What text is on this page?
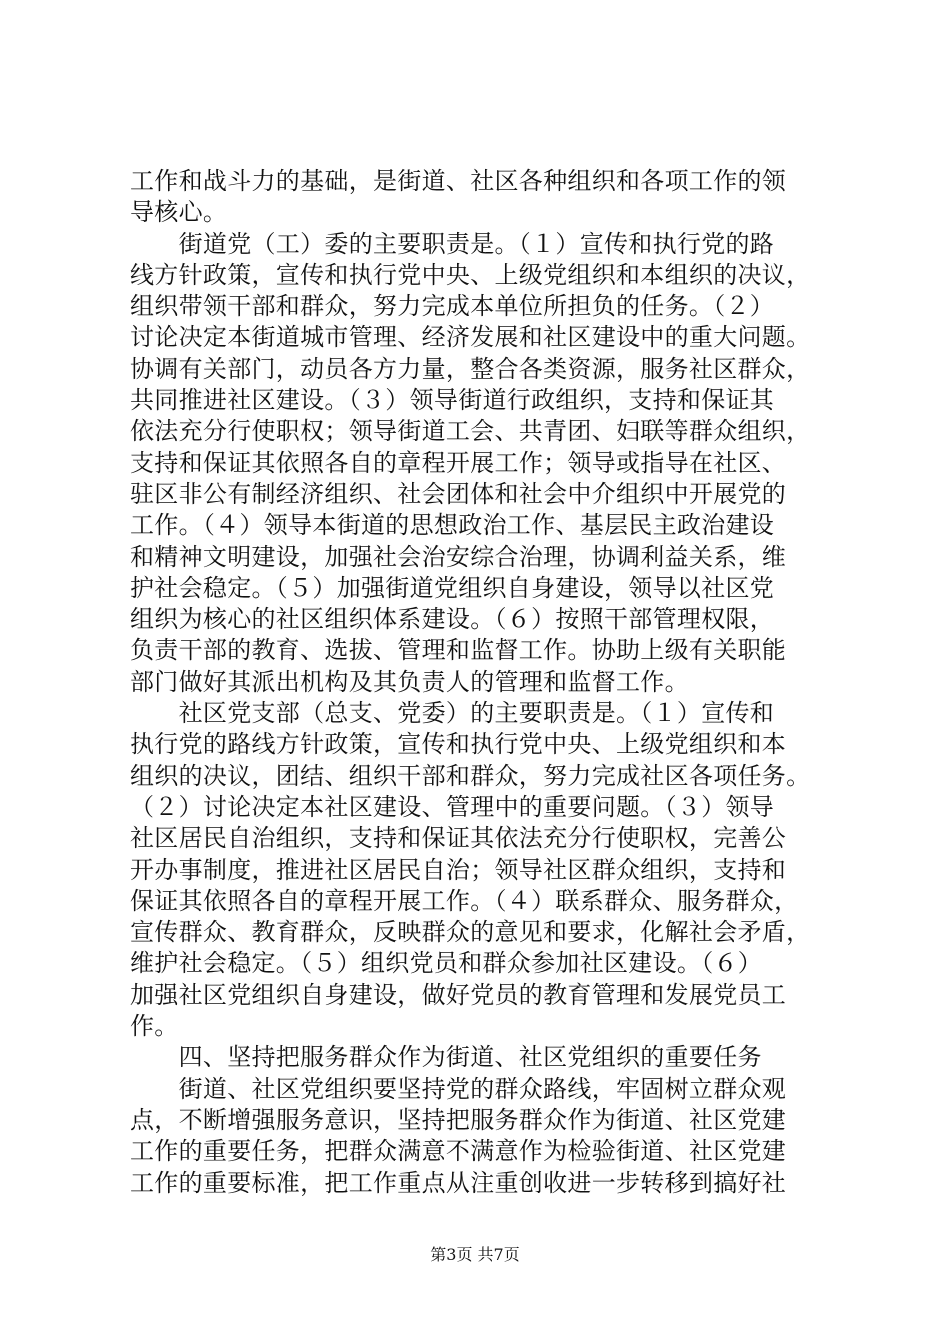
工作和战斗力的基础，是街道、社区各种组织和各项工作的领
导核心。
　　街道党（工）委的主要职责是。（１）宣传和执行党的路
线方针政策，宣传和执行党中央、上级党组织和本组织的决议，
组织带领干部和群众，努力完成本单位所担负的任务。（２）
讨论决定本街道城市管理、经济发展和社区建设中的重大问题。
协调有关部门，动员各方力量，整合各类资源，服务社区群众，
共同推进社区建设。（３）领导街道行政组织，支持和保证其
依法充分行使职权；领导街道工会、共青团、妇联等群众组织，
支持和保证其依照各自的章程开展工作；领导或指导在社区、
驻区非公有制经济组织、社会团体和社会中介组织中开展党的
工作。（４）领导本街道的思想政治工作、基层民主政治建设
和精神文明建设，加强社会治安综合治理，协调利益关系，维
护社会稳定。（５）加强街道党组织自身建设，领导以社区党
组织为核心的社区组织体系建设。（６）按照干部管理权限，
负责干部的教育、选拔、管理和监督工作。协助上级有关职能
部门做好其派出机构及其负责人的管理和监督工作。
　　社区党支部（总支、党委）的主要职责是。（１）宣传和
执行党的路线方针政策，宣传和执行党中央、上级党组织和本
组织的决议，团结、组织干部和群众，努力完成社区各项任务。
（２）讨论决定本社区建设、管理中的重要问题。（３）领导
社区居民自治组织，支持和保证其依法充分行使职权，完善公
开办事制度，推进社区居民自治；领导社区群众组织，支持和
保证其依照各自的章程开展工作。（４）联系群众、服务群众，
宣传群众、教育群众，反映群众的意见和要求，化解社会矛盾，
维护社会稳定。（５）组织党员和群众参加社区建设。（６）
加强社区党组织自身建设，做好党员的教育管理和发展党员工
作。
　　四、坚持把服务群众作为街道、社区党组织的重要任务
　　街道、社区党组织要坚持党的群众路线，牢固树立群众观
点，不断增强服务意识，坚持把服务群众作为街道、社区党建
工作的重要任务，把群众满意不满意作为检验街道、社区党建
工作的重要标准，把工作重点从注重创收进一步转移到搞好社
第3页 共7页
